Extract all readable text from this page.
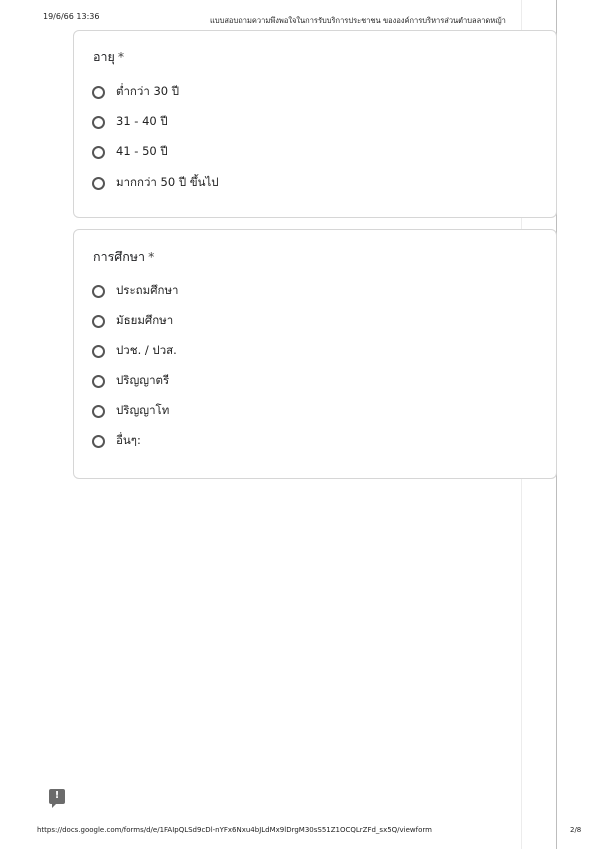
19/6/66 13:36	แบบสอบถามความพึงพอใจในการรับบริการประชาชน ขององค์การบริหารส่วนตำบลลาดหญ้า
อายุ *
ต่ำกว่า 30 ปี
31 - 40 ปี
41 - 50 ปี
มากกว่า 50 ปี ขึ้นไป
การศึกษา *
ประถมศึกษา
มัธยมศึกษา
ปวช. / ปวส.
ปริญญาตรี
ปริญญาโท
อื่นๆ:
!
https://docs.google.com/forms/d/e/1FAIpQLSd9cDl-nYFx6Nxu4bJLdMx9lDrgM30sS51Z1OCQLrZFd_sx5Q/viewform	2/8
